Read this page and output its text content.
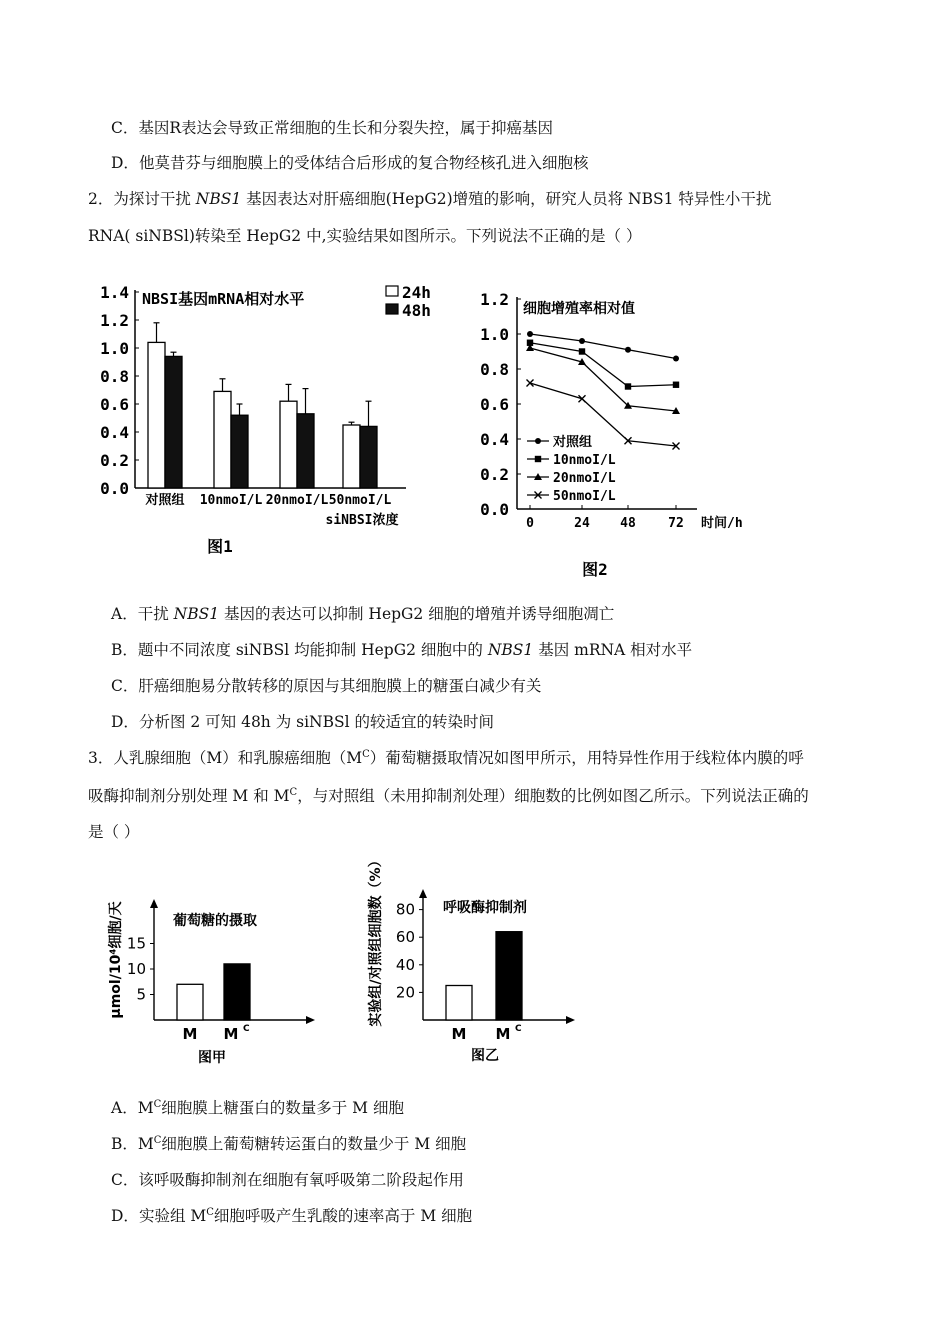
C．基因R表达会导致正常细胞的生长和分裂失控，属于抑癌基因
D．他莫昔芬与细胞膜上的受体结合后形成的复合物经核孔进入细胞核
2．为探讨干扰 NBS1 基因表达对肝癌细胞(HepG2)增殖的影响，研究人员将 NBS1 特异性小干扰
RNA( siNBSl)转染至 HepG2 中,实验结果如图所示。下列说法不正确的是（ ）
0.0
0.2
0.4
0.6
0.8
1.0
1.2
1.4 NBSI基因mRNA相对水平
对照组 10nmoI/L 20nmoI/L 50nmoI/L
siNBSI浓度
图1
24h
48h
0.0
0.2
0.4
0.6
0.8
1.0
1.2
0	24 48 72 时间/h
细胞增殖率相对值
图2
对照组
10nmoI/L
20nmoI/L
50nmoI/L
A．干扰 NBS1 基因的表达可以抑制 HepG2 细胞的增殖并诱导细胞凋亡
B．题中不同浓度 siNBSl 均能抑制 HepG2 细胞中的 NBS1 基因 mRNA 相对水平
C．肝癌细胞易分散转移的原因与其细胞膜上的糖蛋白减少有关
D．分析图 2 可知 48h 为 siNBSl 的较适宜的转染时间
3．人乳腺细胞（M）和乳腺癌细胞$(M^C)$葡萄糖摄取情况如图甲所示，用特异性作用于线粒体内膜的呼
吸酶抑制剂分别处理 M 和 $M^C$，与对照组（未用抑制剂处理）细胞数的比例如图乙所示。下列说法正确的
是（ ）
5
10
15
M M C
图甲
葡萄糖的摄取
μmol/10⁴细胞/天	20
40
60
80
M M C
图乙
呼吸酶抑制剂
实验组/对照组细胞数（%）
A．$M^C$细胞膜上糖蛋白的数量多于 M 细胞
B．$M^C$细胞膜上葡萄糖转运蛋白的数量少于 M 细胞
C．该呼吸酶抑制剂在细胞有氧呼吸第二阶段起作用
D．实验组 $M^C$细胞呼吸产生乳酸的速率高于 M 细胞
